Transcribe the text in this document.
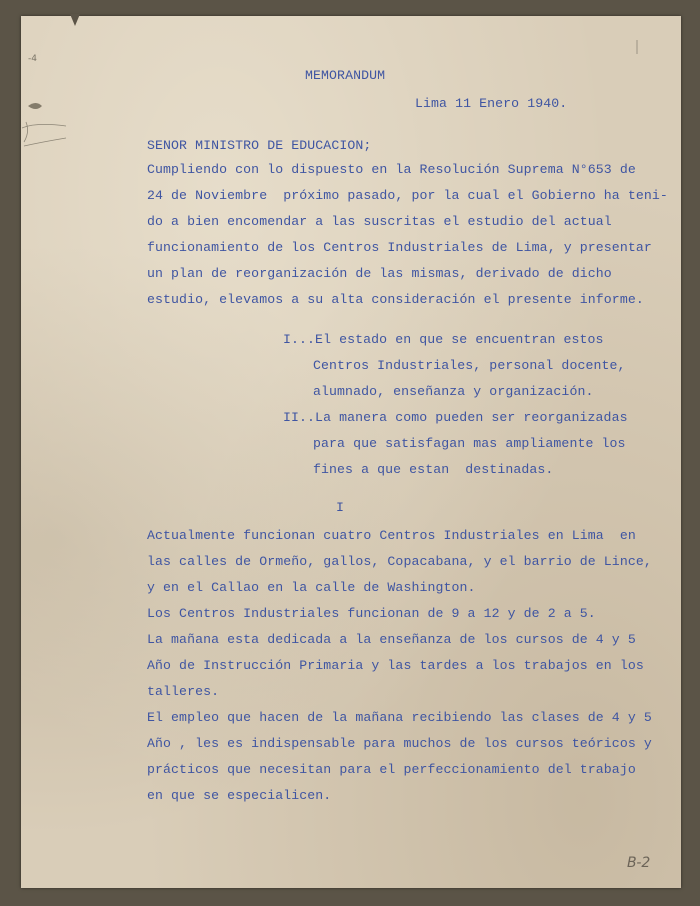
MEMORANDUM
Lima 11 Enero 1940.
SENOR MINISTRO DE EDUCACION;
Cumpliendo con lo dispuesto en la Resolución Suprema N°653 de
24 de Noviembre  próximo pasado, por la cual el Gobierno ha teni-
do a bien encomendar a las suscritas el estudio del actual
funcionamiento de los Centros Industriales de Lima, y presentar
un plan de reorganización de las mismas, derivado de dicho
estudio, elevamos a su alta consideración el presente informe.
I...El estado en que se encuentran estos
Centros Industriales, personal docente,
alumnado, enseñanza y organización.
II..La manera como pueden ser reorganizadas
para que satisfagan mas ampliamente los
fines a que estan  destinadas.
I
Actualmente funcionan cuatro Centros Industriales en Lima  en
las calles de Ormeño, gallos, Copacabana, y el barrio de Lince,
y en el Callao en la calle de Washington.
Los Centros Industriales funcionan de 9 a 12 y de 2 a 5.
La mañana esta dedicada a la enseñanza de los cursos de 4 y 5
Año de Instrucción Primaria y las tardes a los trabajos en los
talleres.
El empleo que hacen de la mañana recibiendo las clases de 4 y 5
Año , les es indispensable para muchos de los cursos teóricos y
prácticos que necesitan para el perfeccionamiento del trabajo
en que se especialicen.
-4
B-2
